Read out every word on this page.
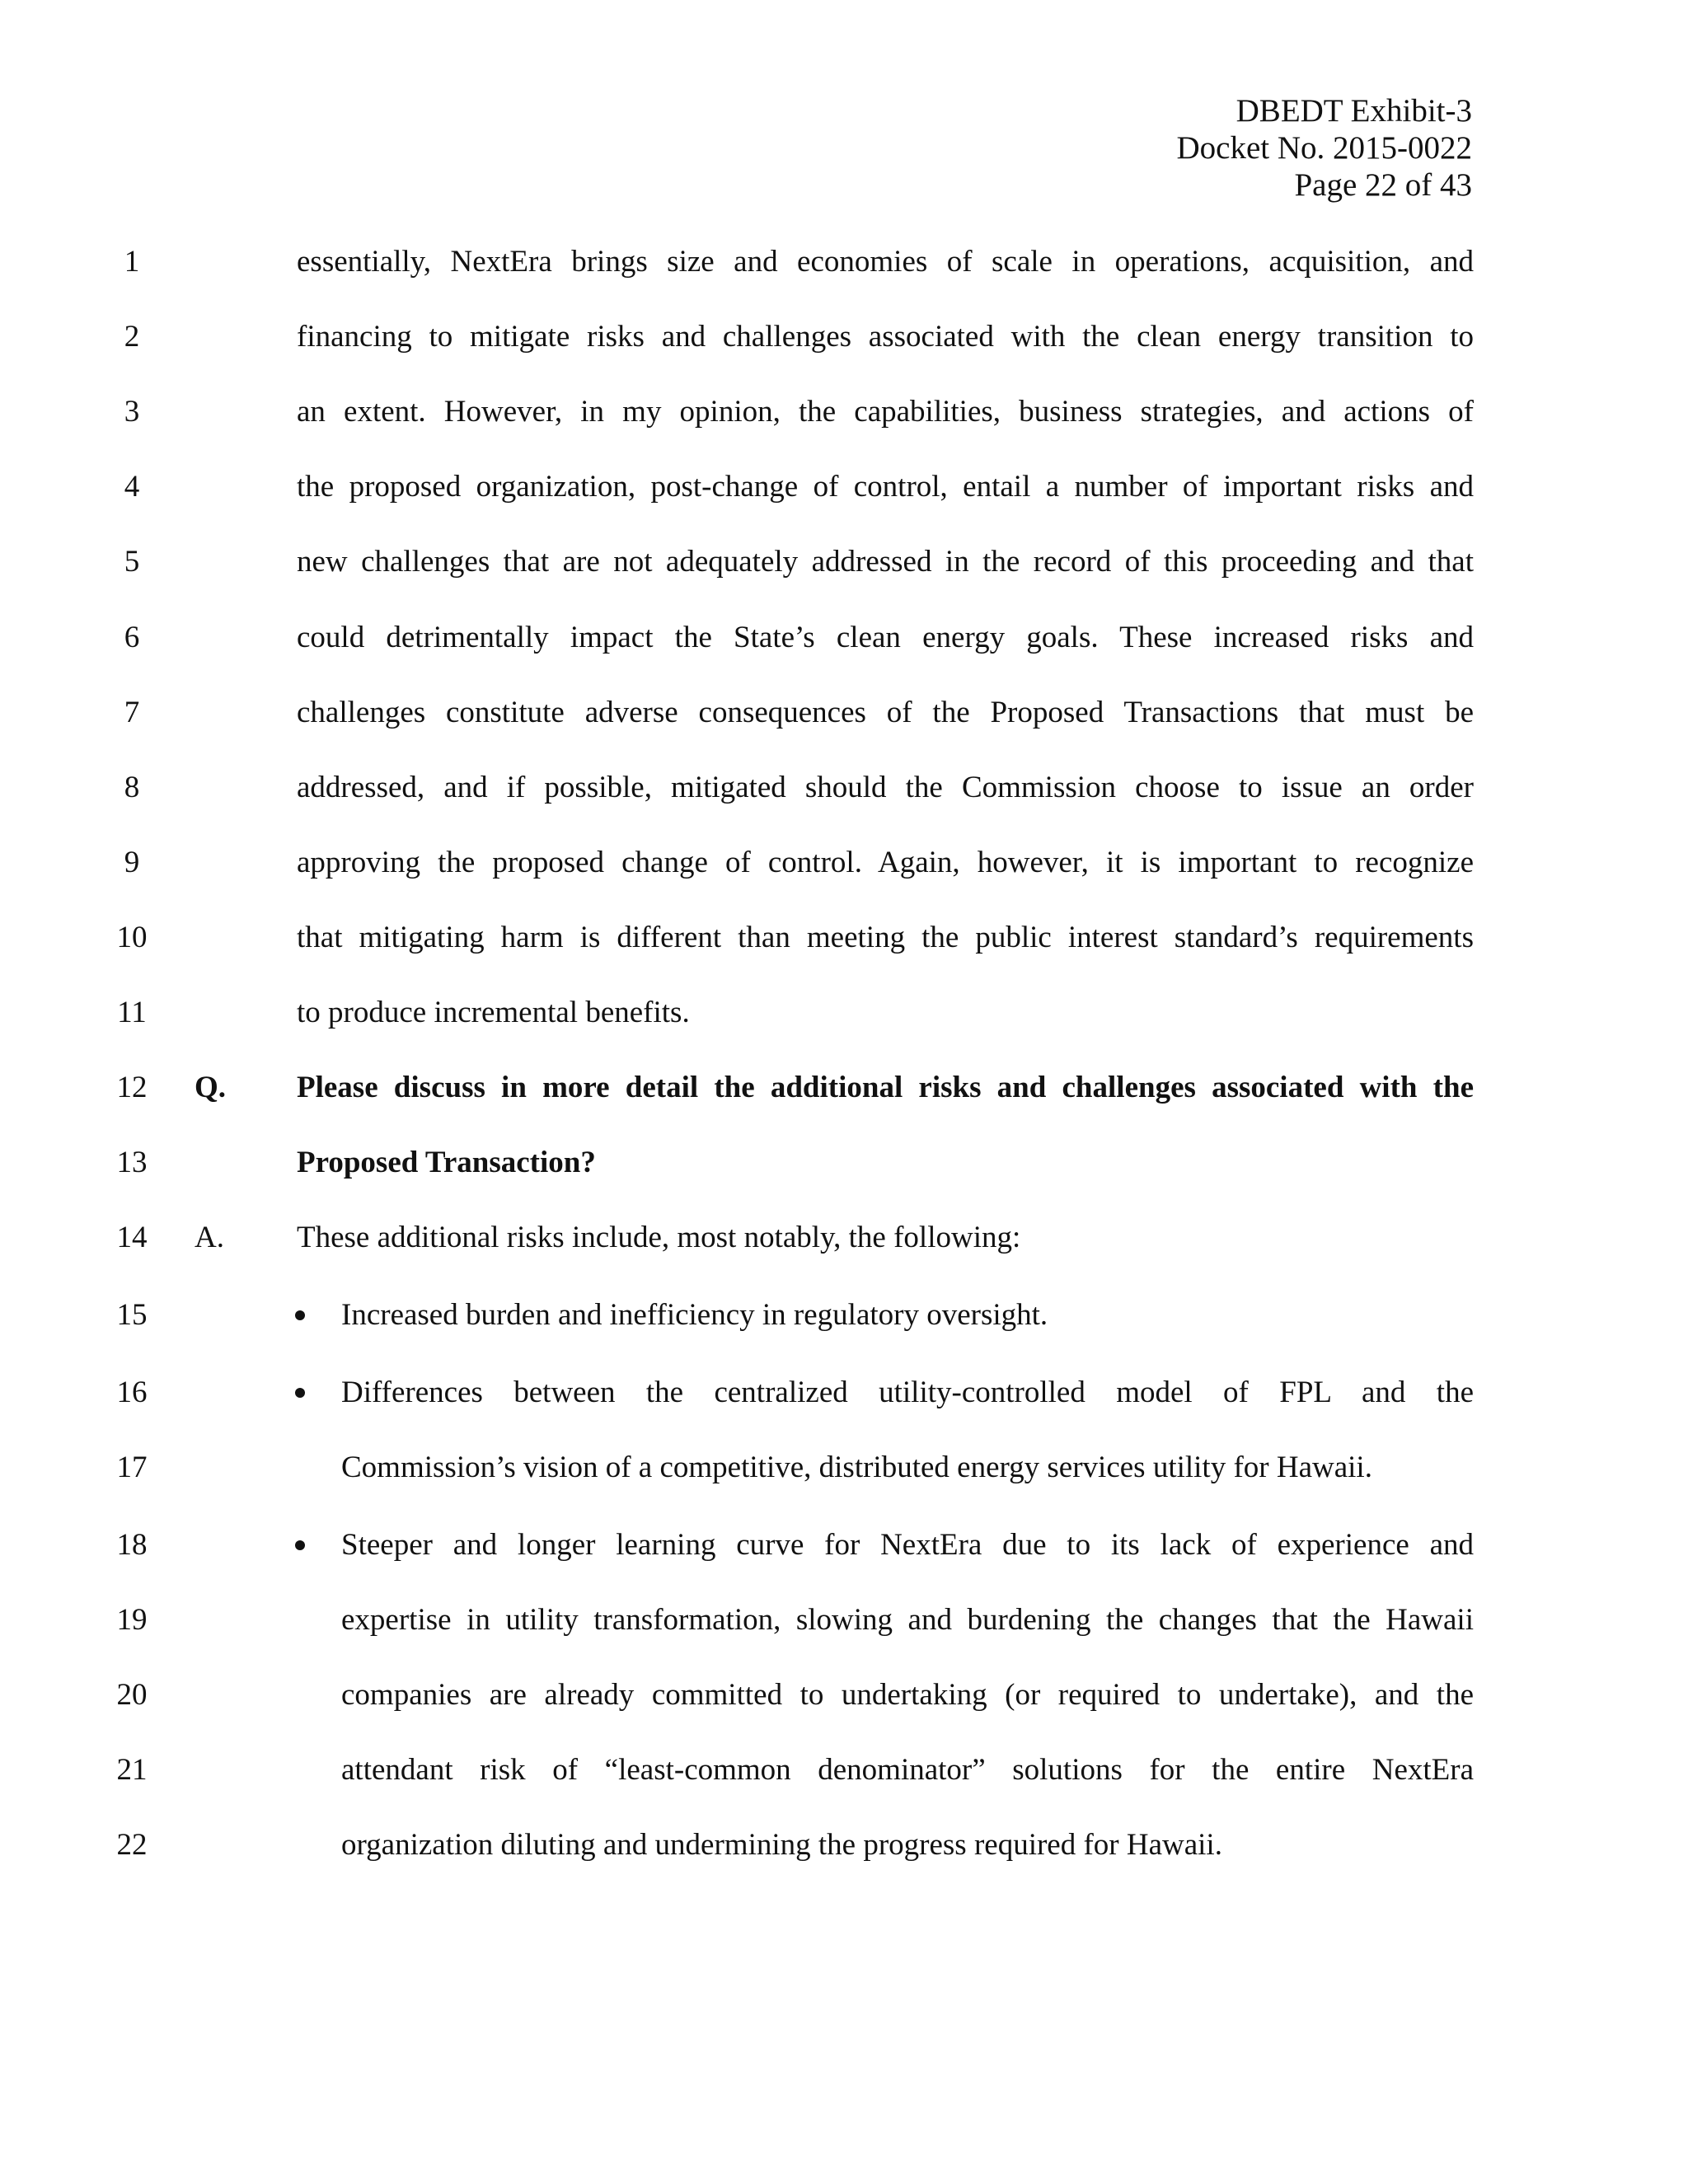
DBEDT Exhibit-3
Docket No. 2015-0022
Page 22 of 43
1
2
3
4
5
6
7
8
9
10
11
12
13
14
15
16
17
18
19
20
21
22
Q.
A.
essentially, NextEra brings size and economies of scale in operations, acquisition, and
financing to mitigate risks and challenges associated with the clean energy transition to
an extent. However, in my opinion, the capabilities, business strategies, and actions of
the proposed organization, post-change of control, entail a number of important risks and
new challenges that are not adequately addressed in the record of this proceeding and that
could detrimentally impact the State’s clean energy goals. These increased risks and
challenges constitute adverse consequences of the Proposed Transactions that must be
addressed, and if possible, mitigated should the Commission choose to issue an order
approving the proposed change of control. Again, however, it is important to recognize
that mitigating harm is different than meeting the public interest standard’s requirements
to produce incremental benefits.
Please discuss in more detail the additional risks and challenges associated with the
Proposed Transaction?
These additional risks include, most notably, the following:
Increased burden and inefficiency in regulatory oversight.
Differences between the centralized utility-controlled model of FPL and the
Commission’s vision of a competitive, distributed energy services utility for Hawaii.
Steeper and longer learning curve for NextEra due to its lack of experience and
expertise in utility transformation, slowing and burdening the changes that the Hawaii
companies are already committed to undertaking (or required to undertake), and the
attendant risk of “least-common denominator” solutions for the entire NextEra
organization diluting and undermining the progress required for Hawaii.
